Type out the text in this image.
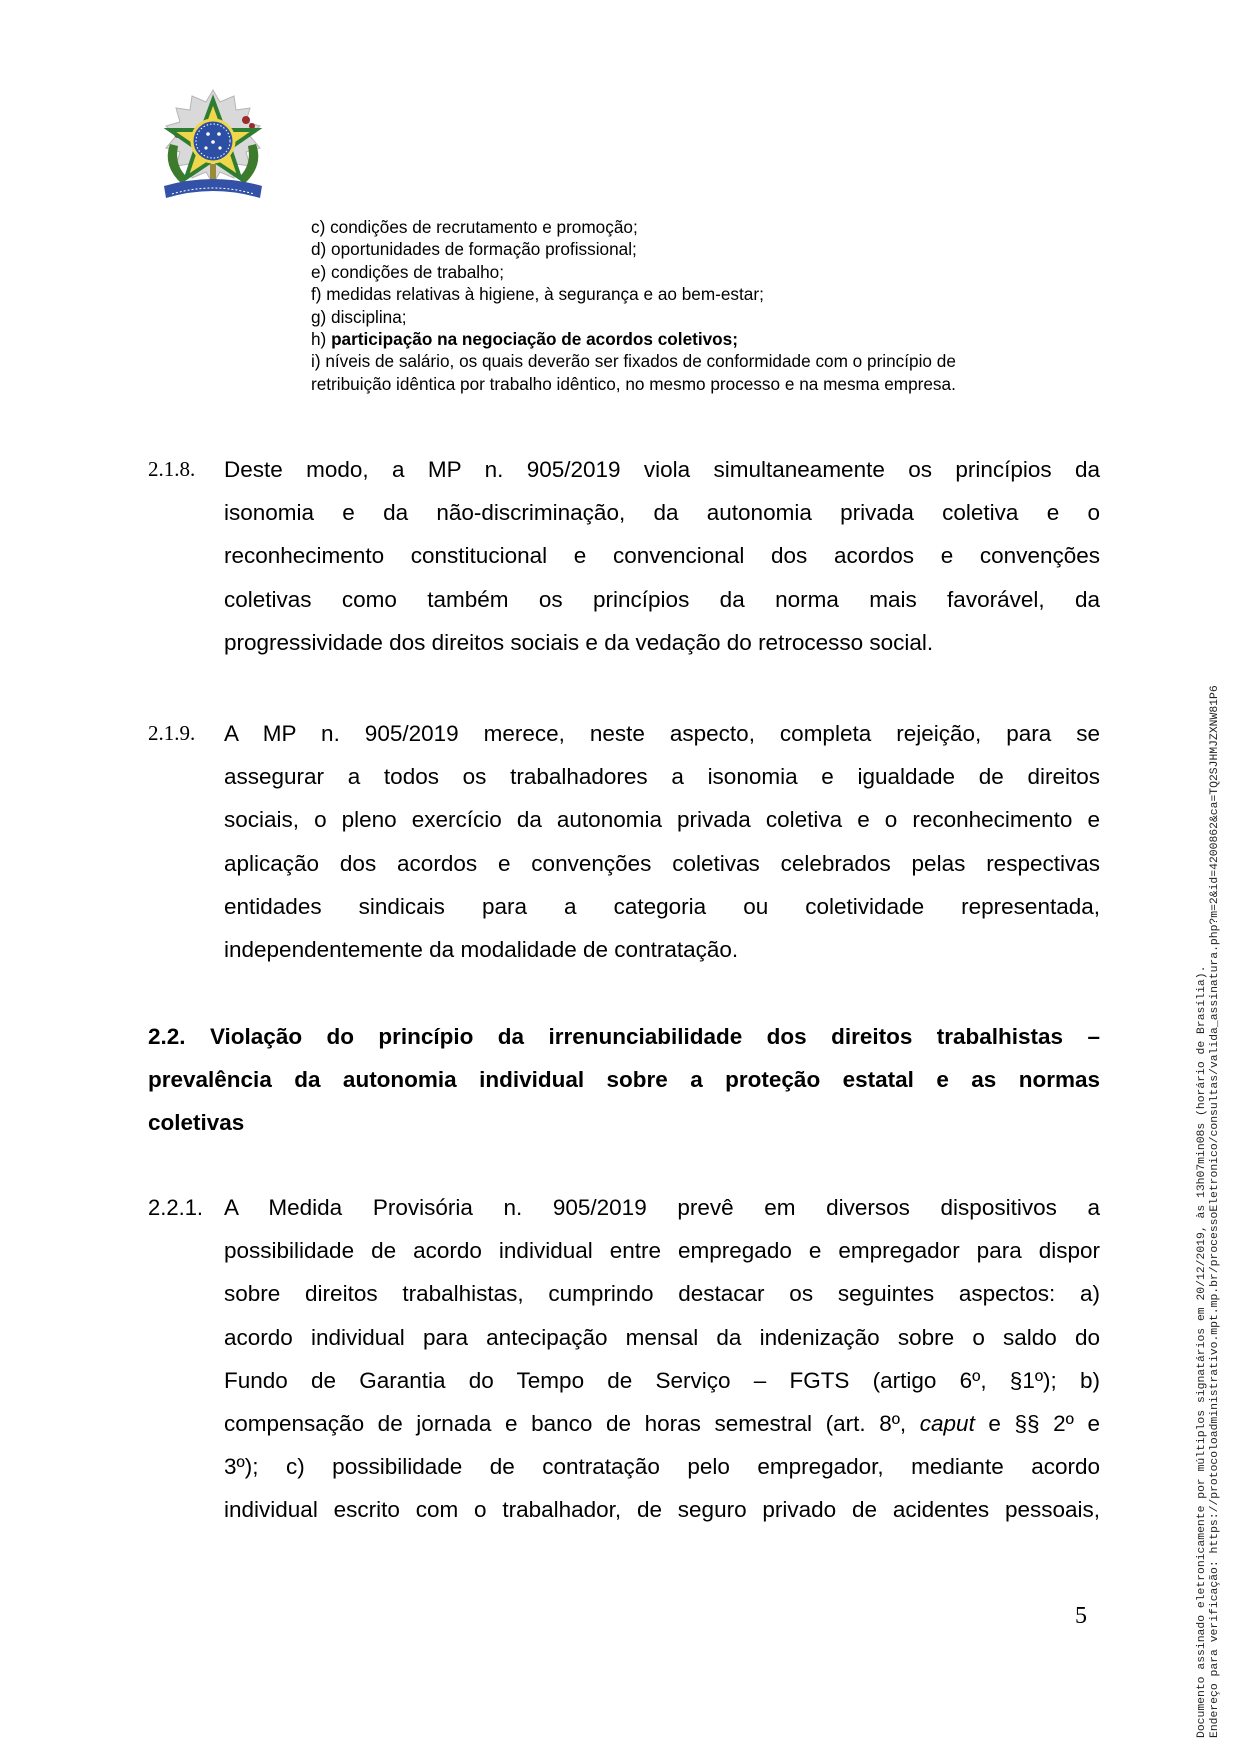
c) condições de recrutamento e promoção;
d) oportunidades de formação profissional;
e) condições de trabalho;
f) medidas relativas à higiene, à segurança e ao bem-estar;
g) disciplina;
h) participação na negociação de acordos coletivos;
i) níveis de salário, os quais deverão ser fixados de conformidade com o princípio de
retribuição idêntica por trabalho idêntico, no mesmo processo e na mesma empresa.
2.1.8. Deste modo, a MP n. 905/2019 viola simultaneamente os princípios da
isonomia e da não-discriminação, da autonomia privada coletiva e o
reconhecimento constitucional e convencional dos acordos e convenções
coletivas como também os princípios da norma mais favorável, da
progressividade dos direitos sociais e da vedação do retrocesso social.
2.1.9. A MP n. 905/2019 merece, neste aspecto, completa rejeição, para se
assegurar a todos os trabalhadores a isonomia e igualdade de direitos
sociais, o pleno exercício da autonomia privada coletiva e o reconhecimento e
aplicação dos acordos e convenções coletivas celebrados pelas respectivas
entidades sindicais para a categoria ou coletividade representada,
independentemente da modalidade de contratação.
2.2. Violação do princípio da irrenunciabilidade dos direitos trabalhistas –
prevalência da autonomia individual sobre a proteção estatal e as normas
coletivas
2.2.1. A Medida Provisória n. 905/2019 prevê em diversos dispositivos a
possibilidade de acordo individual entre empregado e empregador para dispor
sobre direitos trabalhistas, cumprindo destacar os seguintes aspectos: a)
acordo individual para antecipação mensal da indenização sobre o saldo do
Fundo de Garantia do Tempo de Serviço – FGTS (artigo 6º, §1º); b)
compensação de jornada e banco de horas semestral (art. 8º, caput e §§ 2º e
3º); c) possibilidade de contratação pelo empregador, mediante acordo
individual escrito com o trabalhador, de seguro privado de acidentes pessoais,
5	Documento assinado eletronicamente por múltiplos signatários em 20/12/2019, às 13h07min08s (horário de Brasília). Endereço para verificação: https://protocoloadministrativo.mpt.mp.br/processoEletronico/consultas/valida_assinatura.php?m=2&id=4200862&ca=TQ2SJHMJZXNW81P6
